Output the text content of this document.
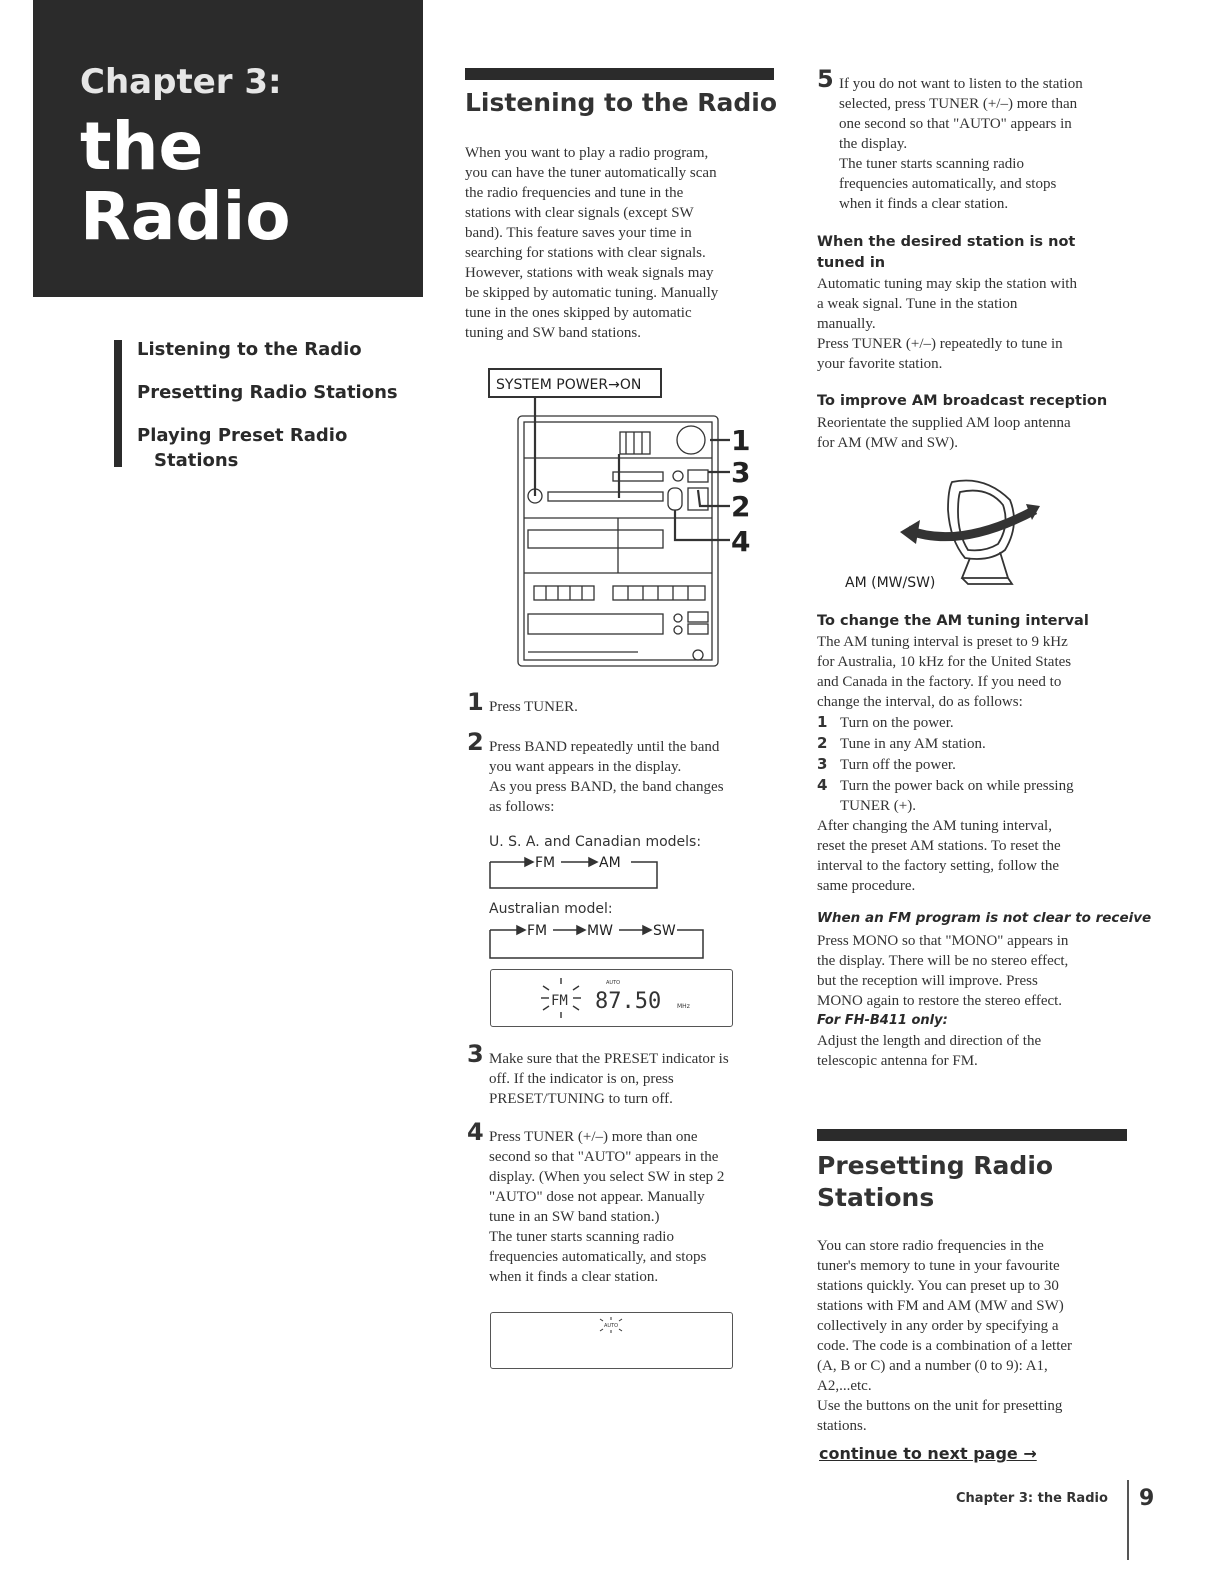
Chapter 3:
the
Radio
Listening to the Radio
Presetting Radio Stations
Playing Preset Radio
Stations
Listening to the Radio
When you want to play a radio program,
you can have the tuner automatically scan
the radio frequencies and tune in the
stations with clear signals (except SW
band). This feature saves your time in
searching for stations with clear signals.
However, stations with weak signals may
be skipped by automatic tuning. Manually
tune in the ones skipped by automatic
tuning and SW band stations.
SYSTEM POWER→ON
1
3
2
4
1 Press TUNER.
2 Press BAND repeatedly until the band
you want appears in the display.
As you press BAND, the band changes
as follows:
U. S. A. and Canadian models:
FM	AM
Australian model:
FM	MW	SW
AUTO
FM 87.50	MHz
3 Make sure that the PRESET indicator is
off. If the indicator is on, press
PRESET/TUNING to turn off.
4 Press TUNER (+/–) more than one
second so that "AUTO" appears in the
display. (When you select SW in step 2
"AUTO" dose not appear. Manually
tune in an SW band station.)
The tuner starts scanning radio
frequencies automatically, and stops
when it finds a clear station.
AUTO
5 If you do not want to listen to the station
selected, press TUNER (+/–) more than
one second so that "AUTO" appears in
the display.
The tuner starts scanning radio
frequencies automatically, and stops
when it finds a clear station.
When the desired station is not
tuned in
Automatic tuning may skip the station with
a weak signal. Tune in the station
manually.
Press TUNER (+/–) repeatedly to tune in
your favorite station.
To improve AM broadcast reception
Reorientate the supplied AM loop antenna
for AM (MW and SW).
AM (MW/SW)
To change the AM tuning interval
The AM tuning interval is preset to 9 kHz
for Australia, 10 kHz for the United States
and Canada in the factory. If you need to
change the interval, do as follows:
1 Turn on the power.
2 Tune in any AM station.
3 Turn off the power.
4 Turn the power back on while pressing
TUNER (+).
After changing the AM tuning interval,
reset the preset AM stations. To reset the
interval to the factory setting, follow the
same procedure.
When an FM program is not clear to receive
Press MONO so that "MONO" appears in
the display. There will be no stereo effect,
but the reception will improve. Press
MONO again to restore the stereo effect.
For FH-B411 only:
Adjust the length and direction of the
telescopic antenna for FM.
Presetting Radio
Stations
You can store radio frequencies in the
tuner's memory to tune in your favourite
stations quickly. You can preset up to 30
stations with FM and AM (MW and SW)
collectively in any order by specifying a
code. The code is a combination of a letter
(A, B or C) and a number (0 to 9): A1,
A2,...etc.
Use the buttons on the unit for presetting
stations.
continue to next page →
Chapter 3: the Radio 9
